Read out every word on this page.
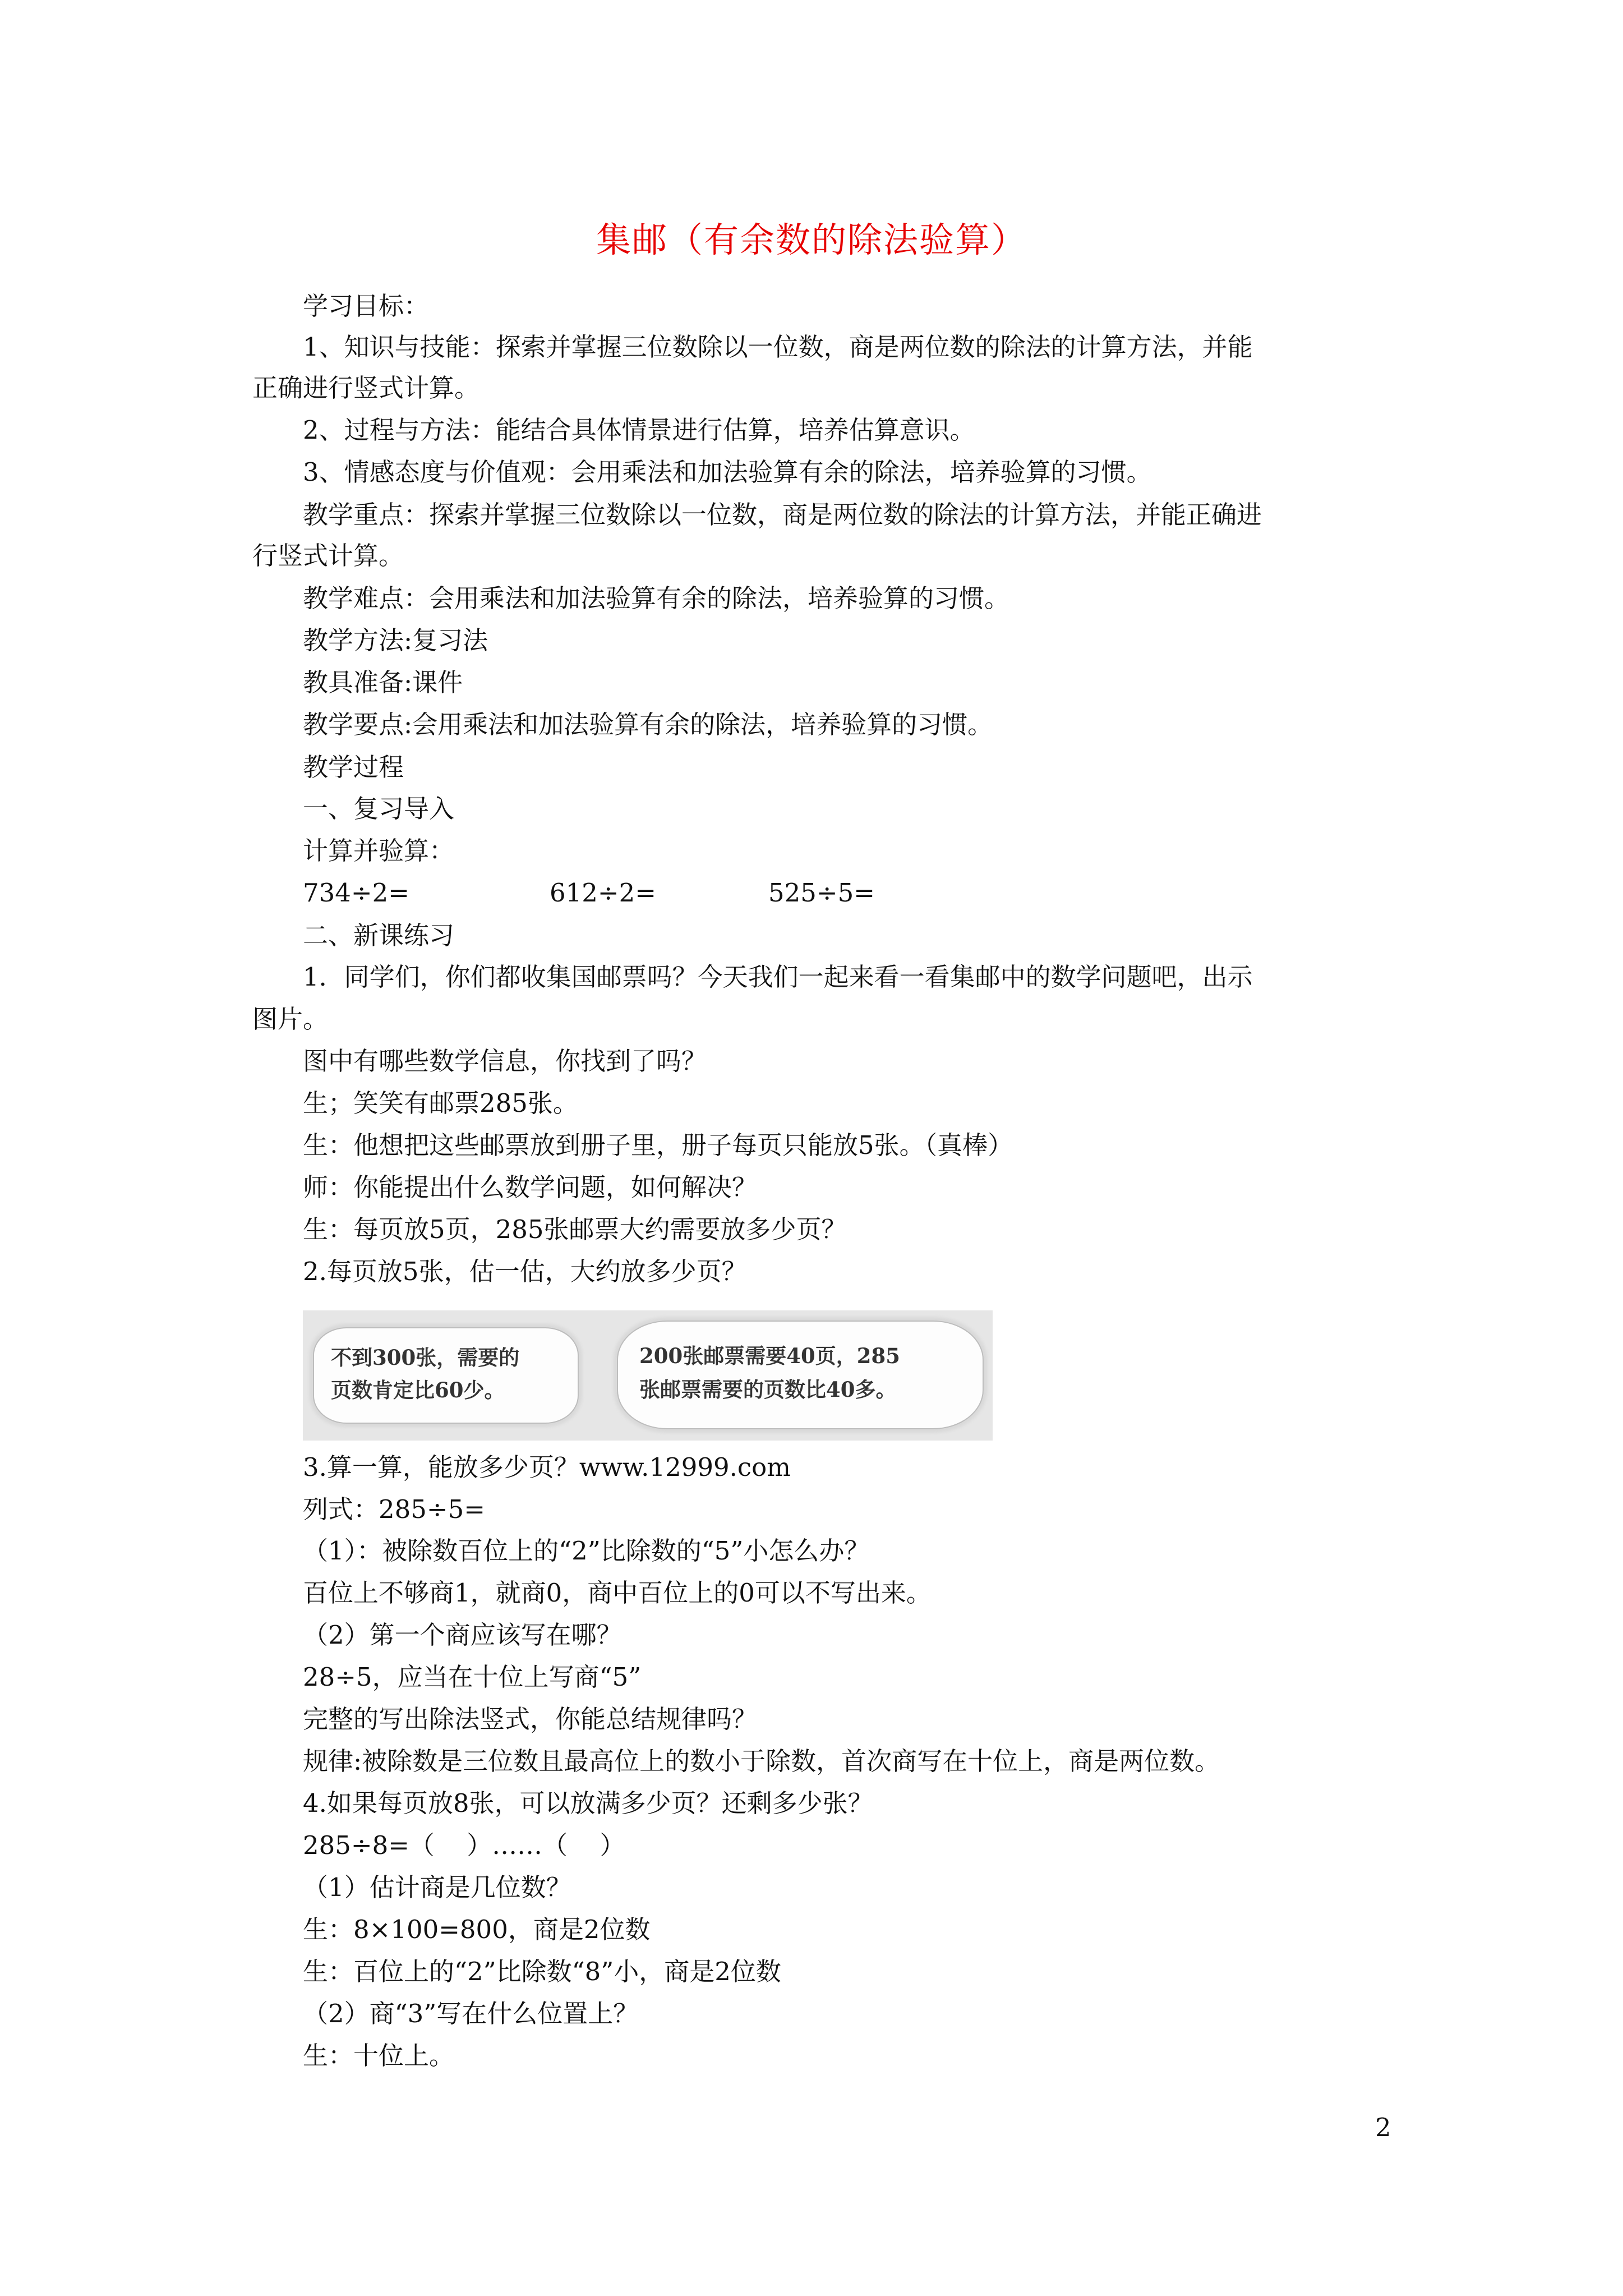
集邮（有余数的除法验算）
学习目标：
1、知识与技能：探索并掌握三位数除以一位数，商是两位数的除法的计算方法，并能
正确进行竖式计算。
2、过程与方法：能结合具体情景进行估算，培养估算意识。
3、情感态度与价值观：会用乘法和加法验算有余的除法，培养验算的习惯。
教学重点：探索并掌握三位数除以一位数，商是两位数的除法的计算方法，并能正确进
行竖式计算。
教学难点：会用乘法和加法验算有余的除法，培养验算的习惯。
教学方法:复习法
教具准备:课件
教学要点:会用乘法和加法验算有余的除法，培养验算的习惯。
教学过程
一、复习导入
计算并验算：
734÷2=	612÷2=	525÷5=
二、新课练习
1．同学们，你们都收集国邮票吗？今天我们一起来看一看集邮中的数学问题吧，出示
图片。
图中有哪些数学信息，你找到了吗？
生；笑笑有邮票285张。
生：他想把这些邮票放到册子里，册子每页只能放5张。（真棒）
师：你能提出什么数学问题，如何解决？
生：每页放5页，285张邮票大约需要放多少页？
2.每页放5张，估一估，大约放多少页？
不到300张，需要的
页数肯定比60少。
200张邮票需要40页，285
张邮票需要的页数比40多。
3.算一算，能放多少页？www.12999.com
列式：285÷5=
（1）：被除数百位上的“2”比除数的“5”小怎么办？
百位上不够商1，就商0，商中百位上的0可以不写出来。
（2）第一个商应该写在哪？
28÷5，应当在十位上写商“5”
完整的写出除法竖式，你能总结规律吗？
规律:被除数是三位数且最高位上的数小于除数，首次商写在十位上，商是两位数。
4.如果每页放8张，可以放满多少页？还剩多少张？
285÷8=（    ）……（    ）
（1）估计商是几位数？
生：8×100=800，商是2位数
生：百位上的“2”比除数“8”小，商是2位数
（2）商“3”写在什么位置上？
生：十位上。
2
